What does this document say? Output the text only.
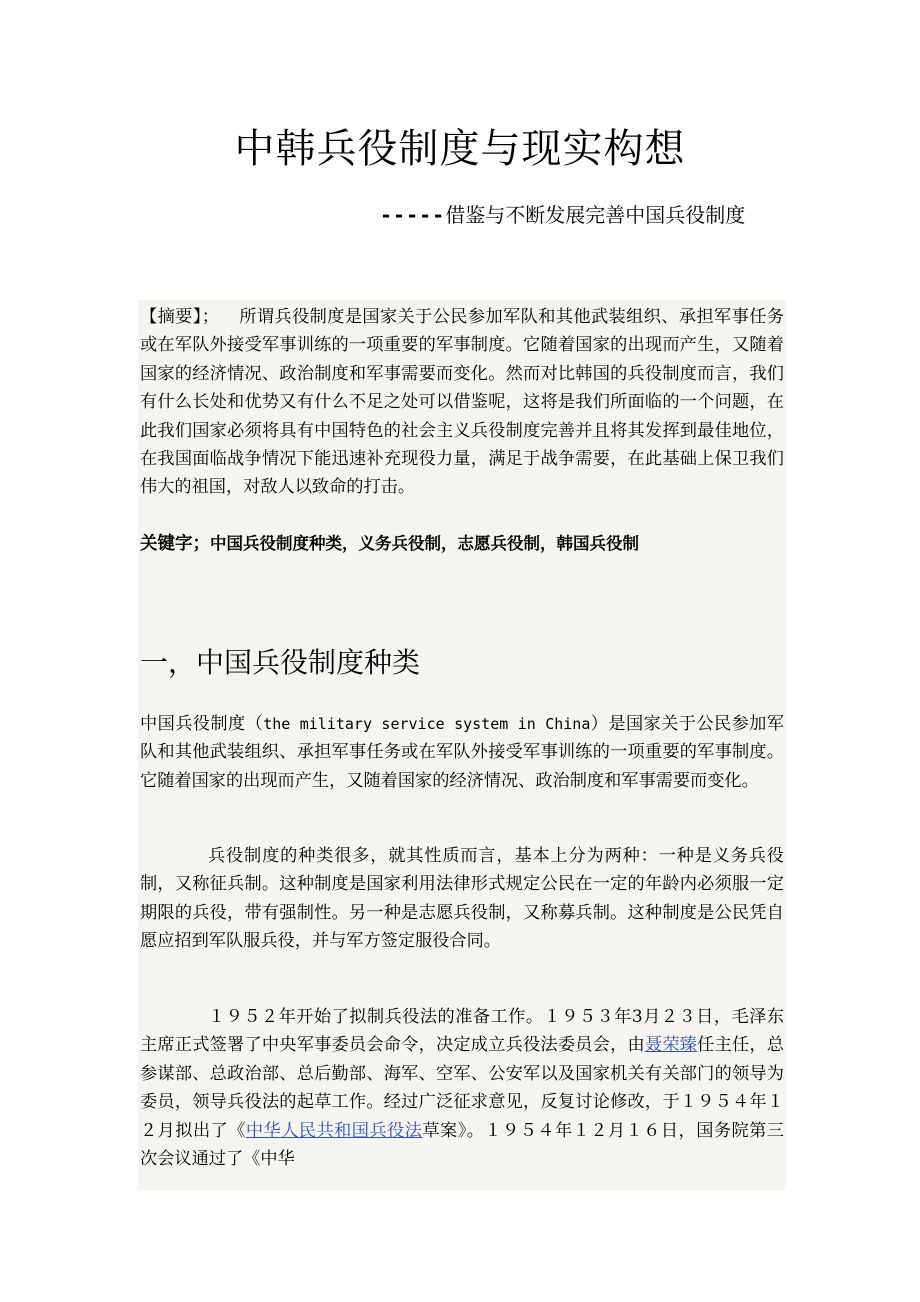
中韩兵役制度与现实构想

-----借鉴与不断发展完善中国兵役制度

【摘要】； 所谓兵役制度是国家关于公民参加军队和其他武装组织、承担军事任务或在军队外接受军事训练的一项重要的军事制度。它随着国家的出现而产生，又随着国家的经济情况、政治制度和军事需要而变化。然而对比韩国的兵役制度而言，我们有什么长处和优势又有什么不足之处可以借鉴呢，这将是我们所面临的一个问题，在此我们国家必须将具有中国特色的社会主义兵役制度完善并且将其发挥到最佳地位，在我国面临战争情况下能迅速补充现役力量，满足于战争需要，在此基础上保卫我们伟大的祖国，对敌人以致命的打击。

关键字；中国兵役制度种类，义务兵役制，志愿兵役制，韩国兵役制

一，中国兵役制度种类

中国兵役制度（the military service system in China）是国家关于公民参加军队和其他武装组织、承担军事任务或在军队外接受军事训练的一项重要的军事制度。它随着国家的出现而产生，又随着国家的经济情况、政治制度和军事需要而变化。

兵役制度的种类很多，就其性质而言，基本上分为两种：一种是义务兵役制，又称征兵制。这种制度是国家利用法律形式规定公民在一定的年龄内必须服一定期限的兵役，带有强制性。另一种是志愿兵役制，又称募兵制。这种制度是公民凭自愿应招到军队服兵役，并与军方签定服役合同。

１９５２年开始了拟制兵役法的准备工作。１９５３年3月２３日，毛泽东主席正式签署了中央军事委员会命令，决定成立兵役法委员会，由聂荣臻任主任，总参谋部、总政治部、总后勤部、海军、空军、公安军以及国家机关有关部门的领导为委员，领导兵役法的起草工作。经过广泛征求意见，反复讨论修改，于１９５４年１２月拟出了《中华人民共和国兵役法草案》。１９５４年１２月１６日，国务院第三次会议通过了《中华
